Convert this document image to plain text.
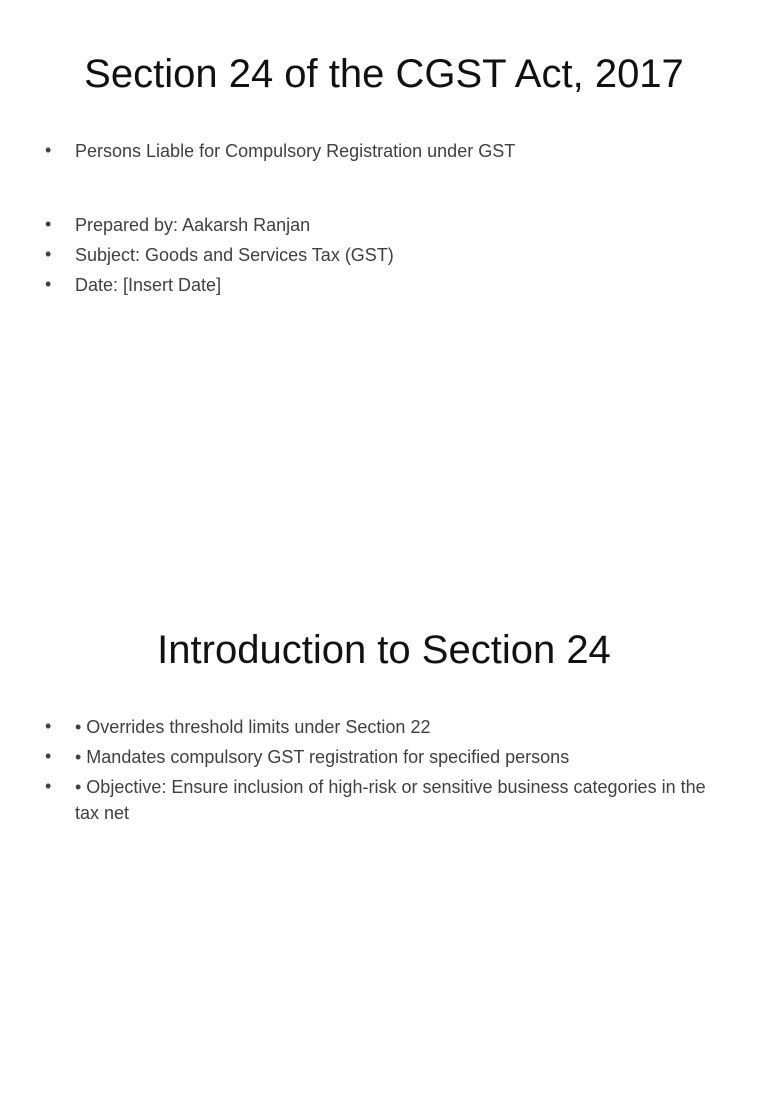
Section 24 of the CGST Act, 2017
• Persons Liable for Compulsory Registration under GST
• Prepared by: Aakarsh Ranjan
• Subject: Goods and Services Tax (GST)
• Date: [Insert Date]
Introduction to Section 24
• • Overrides threshold limits under Section 22
• • Mandates compulsory GST registration for specified persons
• • Objective: Ensure inclusion of high-risk or sensitive business categories in the tax net
